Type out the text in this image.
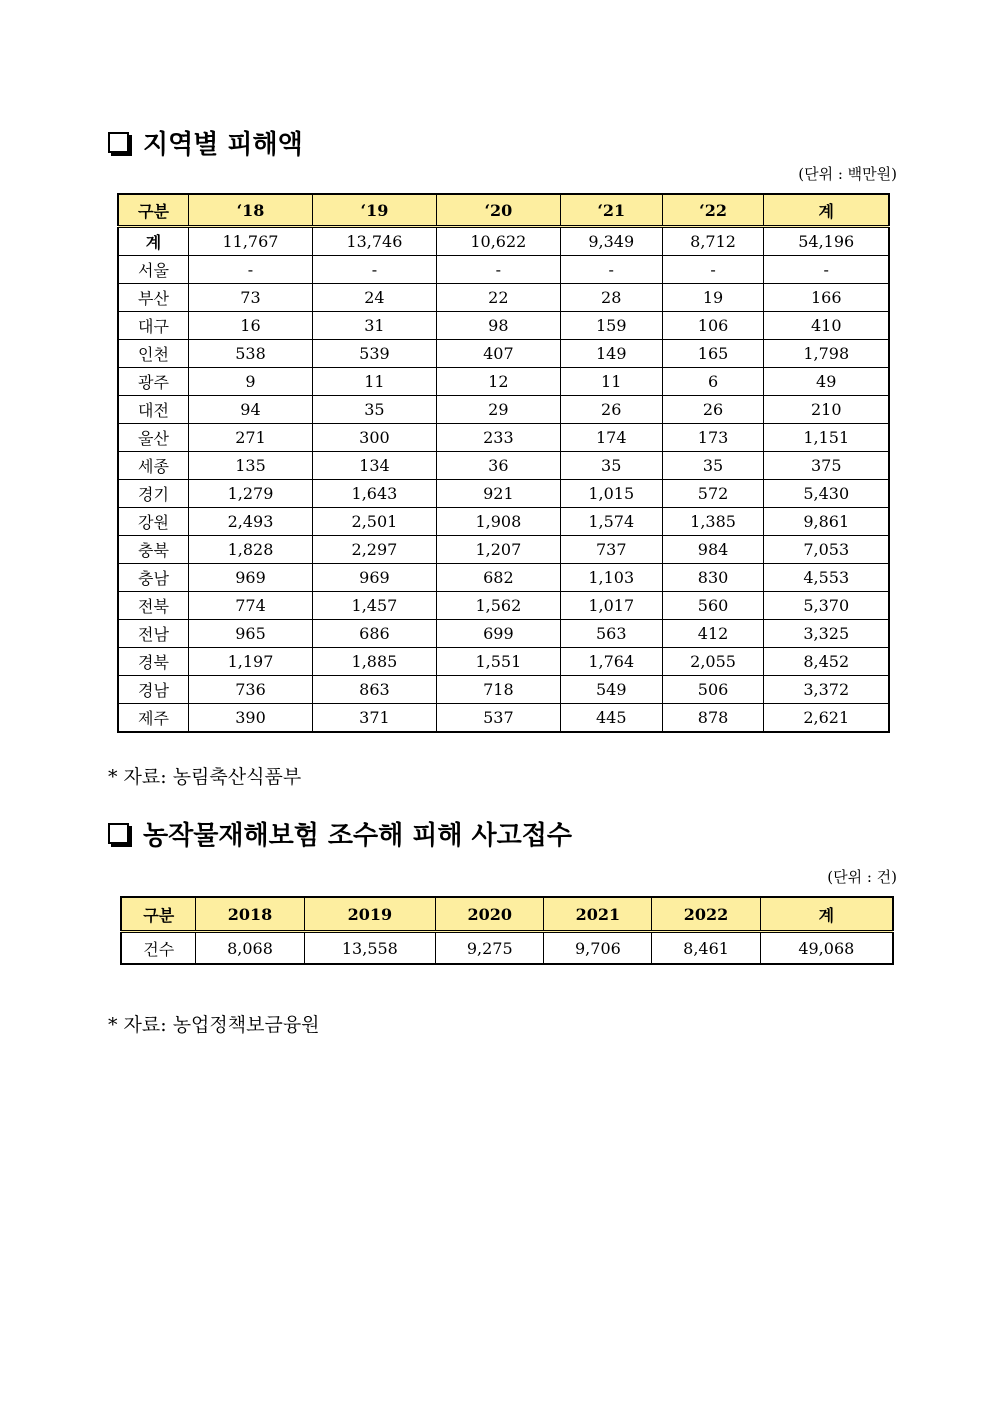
지역별 피해액
(단위 : 백만원)
구분	‘18	‘19	‘20	‘21	‘22	계
계	11,767	13,746	10,622	9,349	8,712	54,196
서울	-	-	-	-	-	-
부산	73	24	22	28	19	166
대구	16	31	98	159	106	410
인천	538	539	407	149	165	1,798
광주	9	11	12	11	6	49
대전	94	35	29	26	26	210
울산	271	300	233	174	173	1,151
세종	135	134	36	35	35	375
경기	1,279	1,643	921	1,015	572	5,430
강원	2,493	2,501	1,908	1,574	1,385	9,861
충북	1,828	2,297	1,207	737	984	7,053
충남	969	969	682	1,103	830	4,553
전북	774	1,457	1,562	1,017	560	5,370
전남	965	686	699	563	412	3,325
경북	1,197	1,885	1,551	1,764	2,055	8,452
경남	736	863	718	549	506	3,372
제주	390	371	537	445	878	2,621
* 자료: 농림축산식품부
농작물재해보험 조수해 피해 사고접수
(단위 : 건)
구분	2018	2019	2020	2021	2022	계
건수	8,068	13,558	9,275	9,706	8,461	49,068
* 자료: 농업정책보금융원
